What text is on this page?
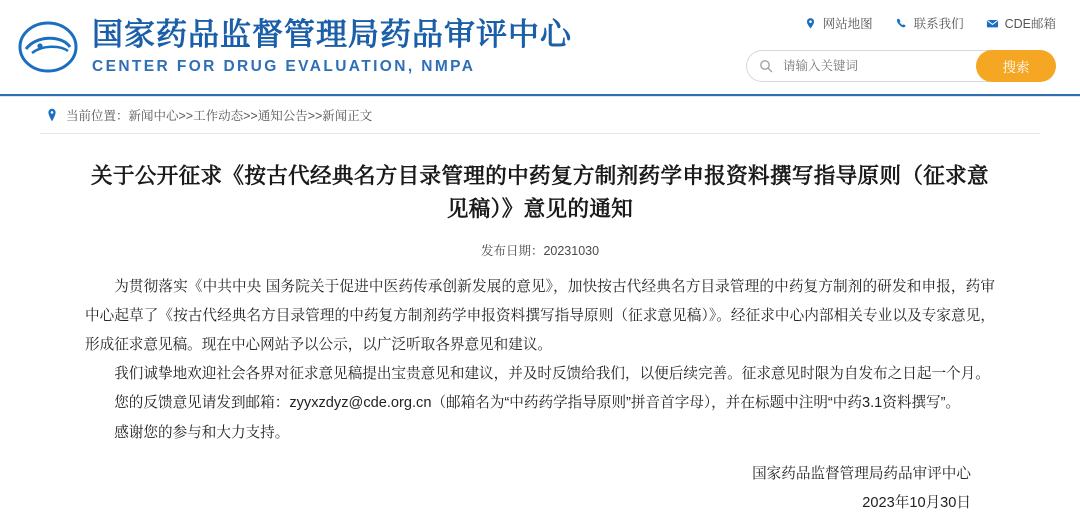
国家药品监督管理局药品审评中心
CENTER FOR DRUG EVALUATION, NMPA
网站地图	联系我们	CDE邮箱
请输入关键词
搜索
当前位置：新闻中心>>工作动态>>通知公告>>新闻正文
关于公开征求《按古代经典名方目录管理的中药复方制剂药学申报资料撰写指导原则（征求意见稿）》意见的通知
发布日期：20231030

为贯彻落实《中共中央 国务院关于促进中医药传承创新发展的意见》，加快按古代经典名方目录管理的中药复方制剂的研发和申报，药审中心起草了《按古代经典名方目录管理的中药复方制剂药学申报资料撰写指导原则（征求意见稿）》。经征求中心内部相关专业以及专家意见，形成征求意见稿。现在中心网站予以公示，以广泛听取各界意见和建议。

我们诚挚地欢迎社会各界对征求意见稿提出宝贵意见和建议，并及时反馈给我们，以便后续完善。征求意见时限为自发布之日起一个月。

您的反馈意见请发到邮箱：zyyxzdyz@cde.org.cn（邮箱名为“中药药学指导原则”拼音首字母），并在标题中注明“中药3.1资料撰写”。

感谢您的参与和大力支持。

国家药品监督管理局药品审评中心
2023年10月30日
